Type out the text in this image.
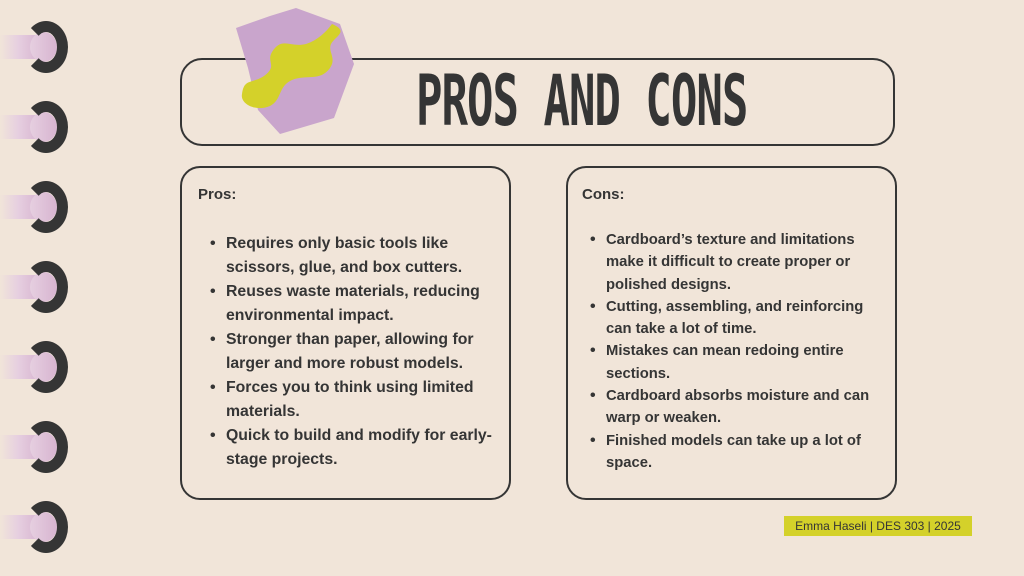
PROS AND CONS
Pros:
• Requires only basic tools like scissors, glue, and box cutters.
• Reuses waste materials, reducing environmental impact.
• Stronger than paper, allowing for larger and more robust models.
• Forces you to think using limited materials.
• Quick to build and modify for early-stage projects.
Cons:
• Cardboard’s texture and limitations make it difficult to create proper or polished designs.
• Cutting, assembling, and reinforcing can take a lot of time.
• Mistakes can mean redoing entire sections.
• Cardboard absorbs moisture and can warp or weaken.
• Finished models can take up a lot of space.
Emma Haseli | DES 303 | 2025
